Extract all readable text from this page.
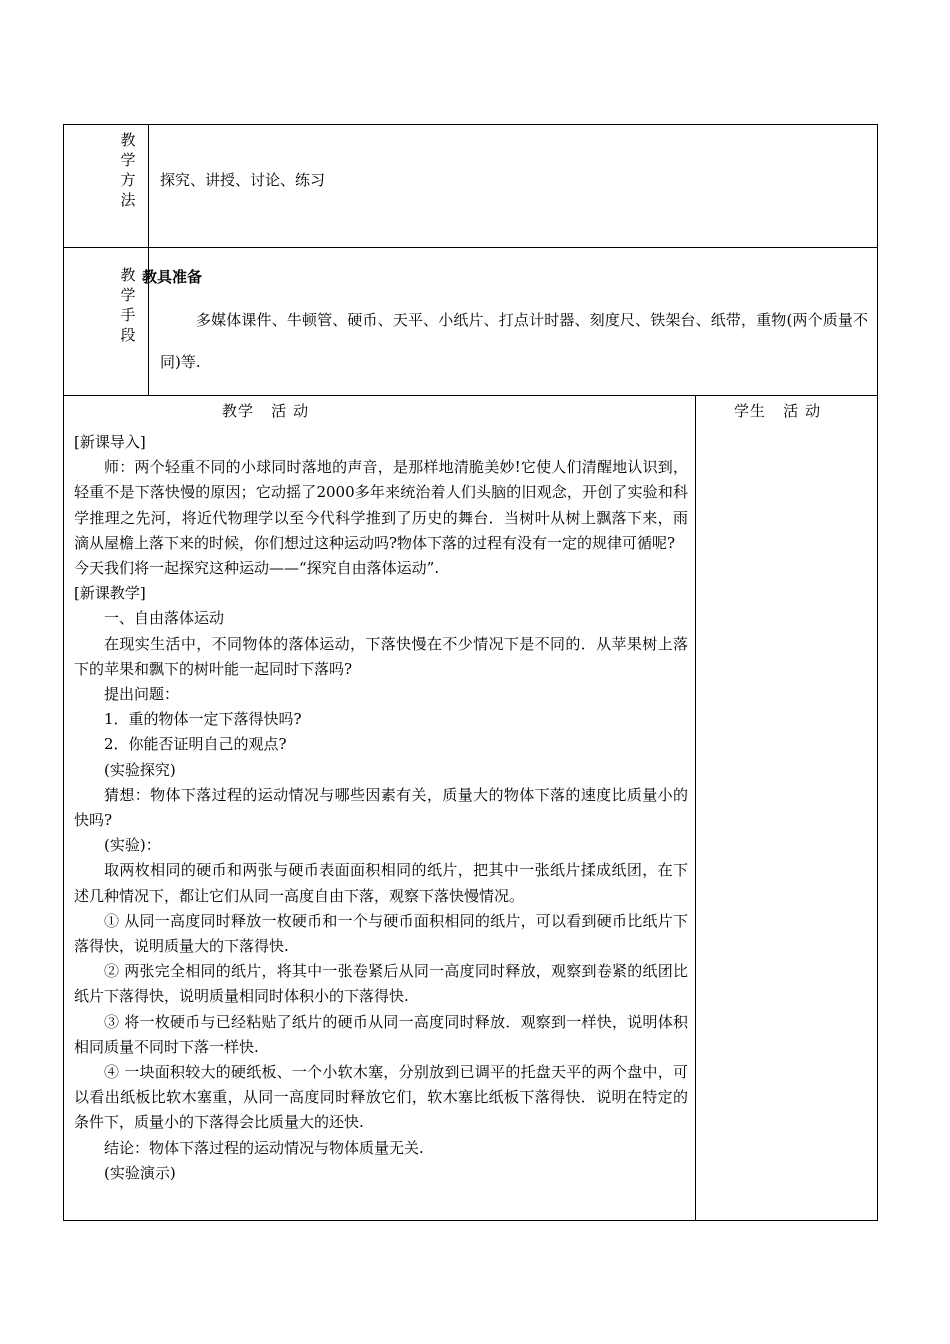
教学方法
探究、讲授、讨论、练习
教学手段
教具准备
多媒体课件、牛顿管、硬币、天平、小纸片、打点计时器、刻度尺、铁架台、纸带，重物(两个质量不同)等.
教学   活 动	学生   活 动

[新课导入]

师：两个轻重不同的小球同时落地的声音，是那样地清脆美妙!它使人们清醒地认识到，轻重不是下落快慢的原因；它动摇了2000多年来统治着人们头脑的旧观念，开创了实验和科学推理之先河，将近代物理学以至今代科学推到了历史的舞台．当树叶从树上飘落下来，雨滴从屋檐上落下来的时候，你们想过这种运动吗?物体下落的过程有没有一定的规律可循呢?

今天我们将一起探究这种运动——“探究自由落体运动”.

[新课教学]

一、自由落体运动

在现实生活中，不同物体的落体运动，下落快慢在不少情况下是不同的．从苹果树上落下的苹果和飘下的树叶能一起同时下落吗?

提出问题：

1．重的物体一定下落得快吗?

2．你能否证明自己的观点?

(实验探究)

猜想：物体下落过程的运动情况与哪些因素有关，质量大的物体下落的速度比质量小的快吗?

(实验)：

取两枚相同的硬币和两张与硬币表面面积相同的纸片，把其中一张纸片揉成纸团，在下述几种情况下，都让它们从同一高度自由下落，观察下落快慢情况。

① 从同一高度同时释放一枚硬币和一个与硬币面积相同的纸片，可以看到硬币比纸片下落得快，说明质量大的下落得快.

② 两张完全相同的纸片，将其中一张卷紧后从同一高度同时释放，观察到卷紧的纸团比纸片下落得快，说明质量相同时体积小的下落得快.

③ 将一枚硬币与已经粘贴了纸片的硬币从同一高度同时释放．观察到一样快，说明体积相同质量不同时下落一样快.

④ 一块面积较大的硬纸板、一个小软木塞，分别放到已调平的托盘天平的两个盘中，可以看出纸板比软木塞重，从同一高度同时释放它们，软木塞比纸板下落得快．说明在特定的条件下，质量小的下落得会比质量大的还快.

结论：物体下落过程的运动情况与物体质量无关.

(实验演示)
